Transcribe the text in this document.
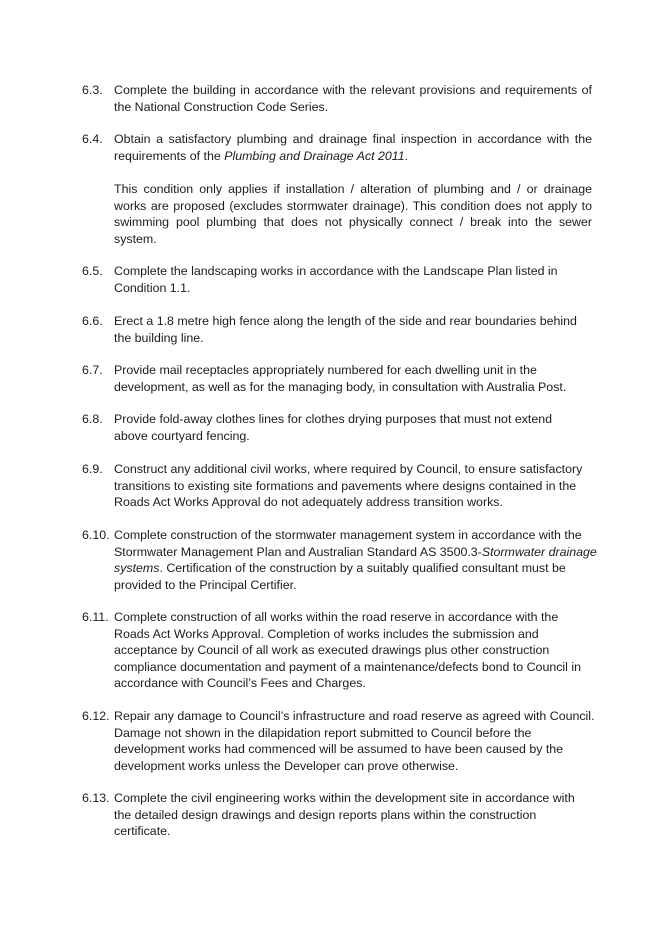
6.3. Complete the building in accordance with the relevant provisions and requirements of
the National Construction Code Series.
6.4. Obtain a satisfactory plumbing and drainage final inspection in accordance with the
requirements of the Plumbing and Drainage Act 2011.
This condition only applies if installation / alteration of plumbing and / or drainage
works are proposed (excludes stormwater drainage). This condition does not apply to
swimming pool plumbing that does not physically connect / break into the sewer
system.
6.5. Complete the landscaping works in accordance with the Landscape Plan listed in
Condition 1.1.
6.6. Erect a 1.8 metre high fence along the length of the side and rear boundaries behind
the building line.
6.7. Provide mail receptacles appropriately numbered for each dwelling unit in the
development, as well as for the managing body, in consultation with Australia Post.
6.8. Provide fold-away clothes lines for clothes drying purposes that must not extend
above courtyard fencing.
6.9. Construct any additional civil works, where required by Council, to ensure satisfactory
transitions to existing site formations and pavements where designs contained in the
Roads Act Works Approval do not adequately address transition works.
6.10. Complete construction of the stormwater management system in accordance with the
Stormwater Management Plan and Australian Standard AS 3500.3-Stormwater drainage
systems. Certification of the construction by a suitably qualified consultant must be
provided to the Principal Certifier.
6.11. Complete construction of all works within the road reserve in accordance with the
Roads Act Works Approval. Completion of works includes the submission and
acceptance by Council of all work as executed drawings plus other construction
compliance documentation and payment of a maintenance/defects bond to Council in
accordance with Council’s Fees and Charges.
6.12. Repair any damage to Council’s infrastructure and road reserve as agreed with Council.
Damage not shown in the dilapidation report submitted to Council before the
development works had commenced will be assumed to have been caused by the
development works unless the Developer can prove otherwise.
6.13. Complete the civil engineering works within the development site in accordance with
the detailed design drawings and design reports plans within the construction
certificate.
